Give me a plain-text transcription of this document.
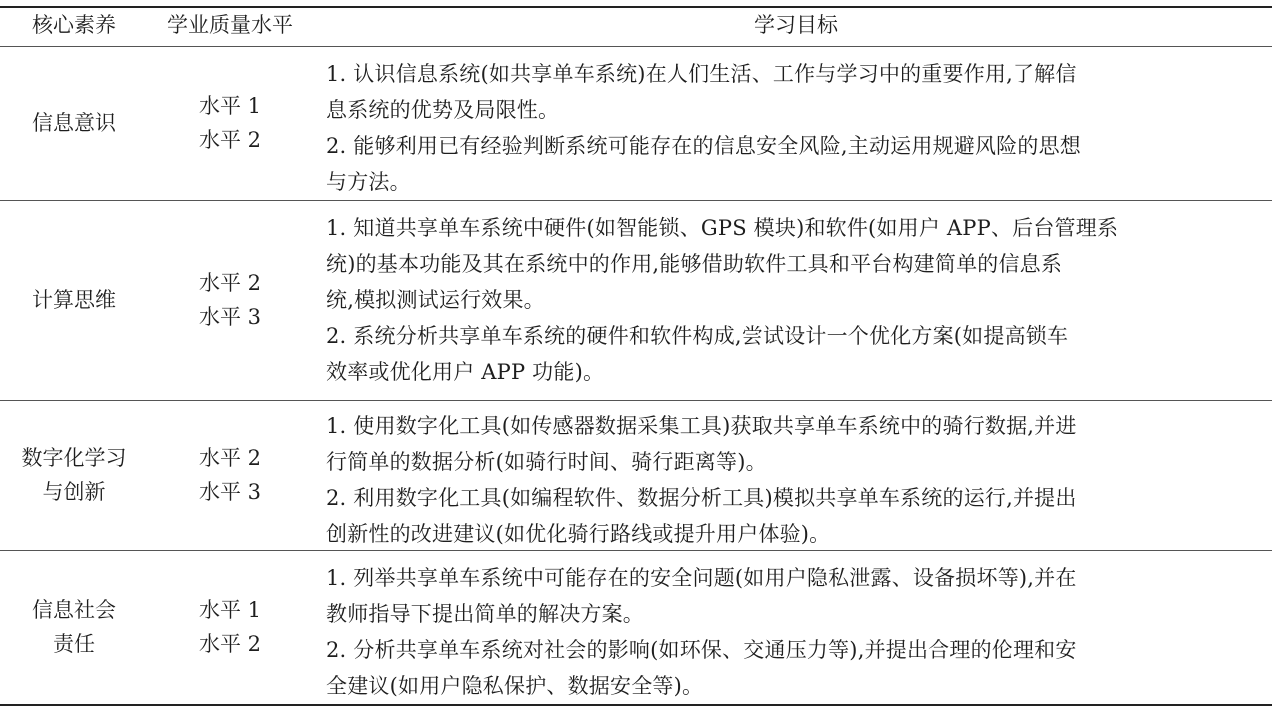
核心素养	学业质量水平	学习目标
信息意识
水平 1
水平 2
1. 认识信息系统(如共享单车系统)在人们生活、工作与学习中的重要作用,了解信
息系统的优势及局限性。
2. 能够利用已有经验判断系统可能存在的信息安全风险,主动运用规避风险的思想
与方法。
计算思维
水平 2
水平 3
1. 知道共享单车系统中硬件(如智能锁、GPS 模块)和软件(如用户 APP、后台管理系
统)的基本功能及其在系统中的作用,能够借助软件工具和平台构建简单的信息系
统,模拟测试运行效果。
2. 系统分析共享单车系统的硬件和软件构成,尝试设计一个优化方案(如提高锁车
效率或优化用户 APP 功能)。
数字化学习
与创新
水平 2
水平 3
1. 使用数字化工具(如传感器数据采集工具)获取共享单车系统中的骑行数据,并进
行简单的数据分析(如骑行时间、骑行距离等)。
2. 利用数字化工具(如编程软件、数据分析工具)模拟共享单车系统的运行,并提出
创新性的改进建议(如优化骑行路线或提升用户体验)。
信息社会
责任
水平 1
水平 2
1. 列举共享单车系统中可能存在的安全问题(如用户隐私泄露、设备损坏等),并在
教师指导下提出简单的解决方案。
2. 分析共享单车系统对社会的影响(如环保、交通压力等),并提出合理的伦理和安
全建议(如用户隐私保护、数据安全等)。
